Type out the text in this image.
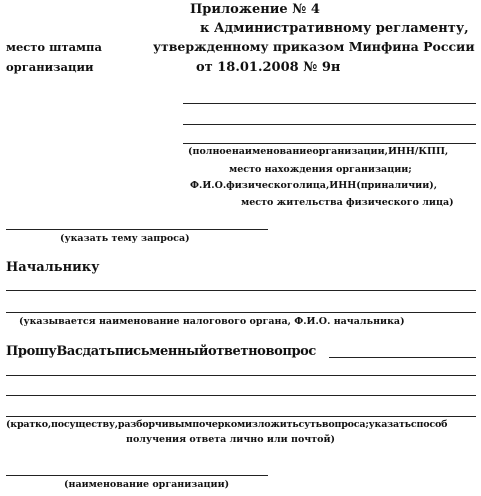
Приложение № 4
к Административному регламенту,
утвержденному приказом Минфина России
от 18.01.2008 № 9н
место штампа
организации
(полноенаименованиеорганизации,ИНН/КПП,
место нахождения организации;
Ф.И.О.физическоголица,ИНН(приналичии),
место жительства физического лица)
(указать тему запроса)
Начальнику
(указывается наименование налогового органа, Ф.И.О. начальника)
ПрошуВасдатьписьменныйответновопрос
(кратко,посуществу,разборчивымпочеркомизложитьсутьвопроса;указатьспособ
получения ответа лично или почтой)
(наименование организации)
